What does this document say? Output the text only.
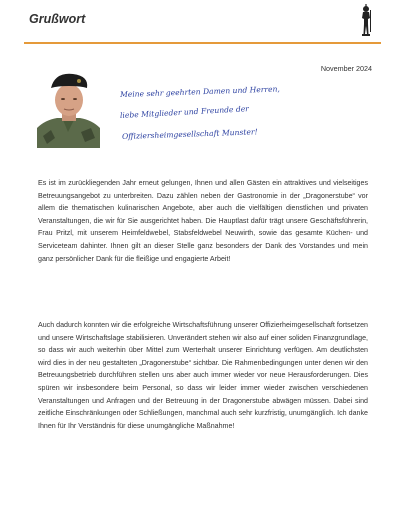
Grußwort
November 2024
Meine sehr geehrten Damen und Herren,
liebe Mitglieder und Freunde der
Offiziersheimgesellschaft Munster!

Es ist im zurückliegenden Jahr erneut gelungen, Ihnen und allen Gästen ein attraktives und vielseitiges Betreuungsangebot zu unterbreiten. Dazu zählen neben der Gastronomie in der „Dragonerstube“ vor allem die thematischen kulinarischen Angebote, aber auch die vielfältigen dienstlichen und privaten Veranstaltungen, die wir für Sie ausgerichtet haben. Die Hauptlast dafür trägt unsere Geschäftsführerin, Frau Pritzl, mit unserem Heimfeldwebel, Stabsfeldwebel Neuwirth, sowie das gesamte Küchen- und Serviceteam dahinter. Ihnen gilt an dieser Stelle ganz besonders der Dank des Vorstandes und mein ganz persönlicher Dank für die fleißige und engagierte Arbeit!

Auch dadurch konnten wir die erfolgreiche Wirtschaftsführung unserer Offizierheimgesellschaft fortsetzen und unsere Wirtschaftslage stabilisieren. Unverändert stehen wir also auf einer soliden Finanzgrundlage, so dass wir auch weiterhin über Mittel zum Werterhalt unserer Einrichtung verfügen. Am deutlichsten wird dies in der neu gestalteten „Dragonerstube“ sichtbar. Die Rahmenbedingungen unter denen wir den Betreuungsbetrieb durchführen stellen uns aber auch immer wieder vor neue Herausforderungen. Dies spüren wir insbesondere beim Personal, so dass wir leider immer wieder zwischen verschiedenen Veranstaltungen und Anfragen und der Betreuung in der Dragonerstube abwägen müssen. Dabei sind zeitliche Einschränkungen oder Schließungen, manchmal auch sehr kurzfristig, unumgänglich. Ich danke Ihnen für Ihr Verständnis für diese unumgängliche Maßnahme!
